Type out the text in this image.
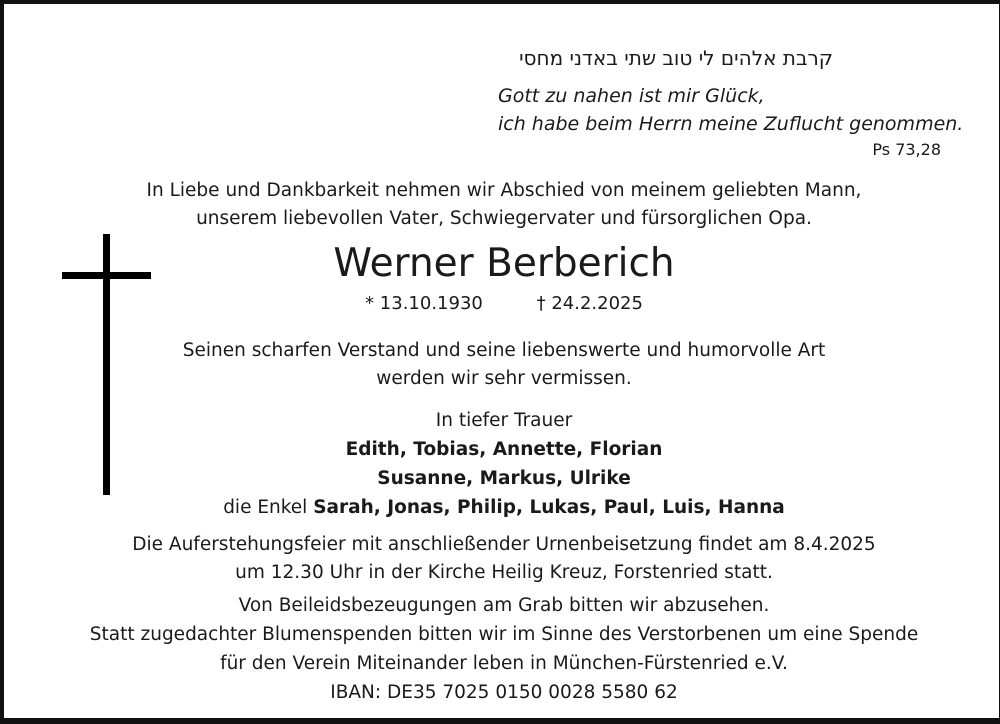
קרבת אלהים לי טוב שתי באדני מחסי
Gott zu nahen ist mir Glück,
ich habe beim Herrn meine Zuflucht genommen.
Ps 73,28
In Liebe und Dankbarkeit nehmen wir Abschied von meinem geliebten Mann,
unserem liebevollen Vater, Schwiegervater und fürsorglichen Opa.
Werner Berberich
* 13.10.1930	† 24.2.2025
Seinen scharfen Verstand und seine liebenswerte und humorvolle Art
werden wir sehr vermissen.
In tiefer Trauer
Edith, Tobias, Annette, Florian
Susanne, Markus, Ulrike
die Enkel Sarah, Jonas, Philip, Lukas, Paul, Luis, Hanna
Die Auferstehungsfeier mit anschließender Urnenbeisetzung findet am 8.4.2025
um 12.30 Uhr in der Kirche Heilig Kreuz, Forstenried statt.
Von Beileidsbezeugungen am Grab bitten wir abzusehen.
Statt zugedachter Blumenspenden bitten wir im Sinne des Verstorbenen um eine Spende
für den Verein Miteinander leben in München-Fürstenried e.V.
IBAN: DE35 7025 0150 0028 5580 62
